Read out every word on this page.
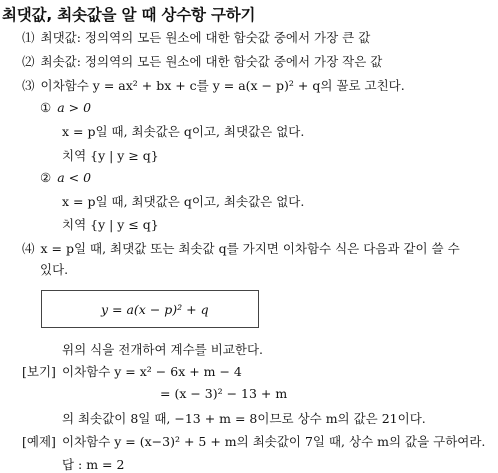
최댓값, 최솟값을 알 때 상수항 구하기
⑴ 최댓값: 정의역의 모든 원소에 대한 함숫값 중에서 가장 큰 값
⑵ 최솟값: 정의역의 모든 원소에 대한 함숫값 중에서 가장 작은 값
⑶ 이차함수 y = ax² + bx + c를 y = a(x − p)² + q의 꼴로 고친다.
① a > 0
x = p일 때, 최솟값은 q이고, 최댓값은 없다.
치역 {y | y ≥ q}
② a < 0
x = p일 때, 최댓값은 q이고, 최솟값은 없다.
치역 {y | y ≤ q}
⑷ x = p일 때, 최댓값 또는 최솟값 q를 가지면 이차함수 식은 다음과 같이 쓸 수
있다.
y = a(x − p)² + q
위의 식을 전개하여 계수를 비교한다.
[보기] 이차함수 y = x² − 6x + m − 4
= (x − 3)² − 13 + m
의 최솟값이 8일 때, −13 + m = 8이므로 상수 m의 값은 21이다.
[예제] 이차함수 y = (x−3)² + 5 + m의 최솟값이 7일 때, 상수 m의 값을 구하여라.
답 : m = 2
